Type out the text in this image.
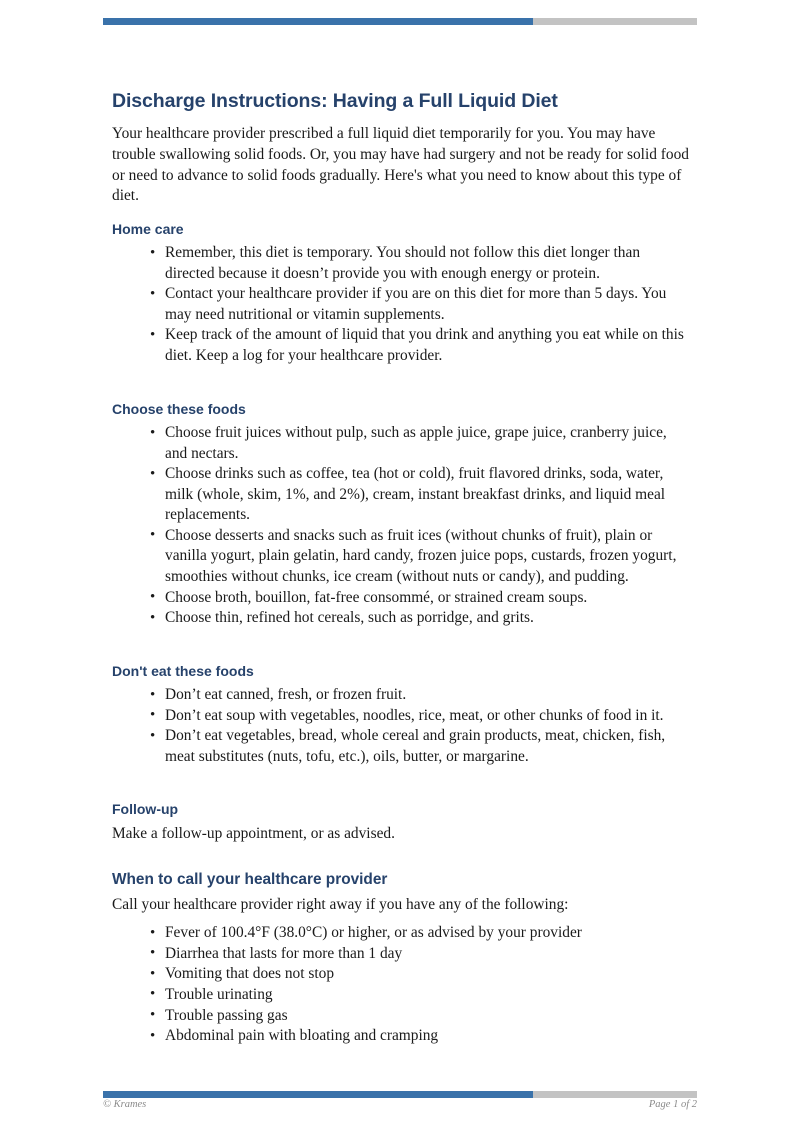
Discharge Instructions: Having a Full Liquid Diet

Your healthcare provider prescribed a full liquid diet temporarily for you. You may have trouble swallowing solid foods. Or, you may have had surgery and not be ready for solid food or need to advance to solid foods gradually. Here's what you need to know about this type of diet.

Home care
• Remember, this diet is temporary. You should not follow this diet longer than directed because it doesn’t provide you with enough energy or protein.
• Contact your healthcare provider if you are on this diet for more than 5 days. You may need nutritional or vitamin supplements.
• Keep track of the amount of liquid that you drink and anything you eat while on this diet. Keep a log for your healthcare provider.
Choose these foods
• Choose fruit juices without pulp, such as apple juice, grape juice, cranberry juice, and nectars.
• Choose drinks such as coffee, tea (hot or cold), fruit flavored drinks, soda, water, milk (whole, skim, 1%, and 2%), cream, instant breakfast drinks, and liquid meal replacements.
• Choose desserts and snacks such as fruit ices (without chunks of fruit), plain or vanilla yogurt, plain gelatin, hard candy, frozen juice pops, custards, frozen yogurt, smoothies without chunks, ice cream (without nuts or candy), and pudding.
• Choose broth, bouillon, fat-free consommé, or strained cream soups.
• Choose thin, refined hot cereals, such as porridge, and grits.
Don't eat these foods
• Don’t eat canned, fresh, or frozen fruit.
• Don’t eat soup with vegetables, noodles, rice, meat, or other chunks of food in it.
• Don’t eat vegetables, bread, whole cereal and grain products, meat, chicken, fish, meat substitutes (nuts, tofu, etc.), oils, butter, or margarine.
Follow-up

Make a follow-up appointment, or as advised.

When to call your healthcare provider

Call your healthcare provider right away if you have any of the following:

• Fever of 100.4°F (38.0°C) or higher, or as advised by your provider
• Diarrhea that lasts for more than 1 day
• Vomiting that does not stop
• Trouble urinating
• Trouble passing gas
• Abdominal pain with bloating and cramping
© Krames	Page 1 of 2
